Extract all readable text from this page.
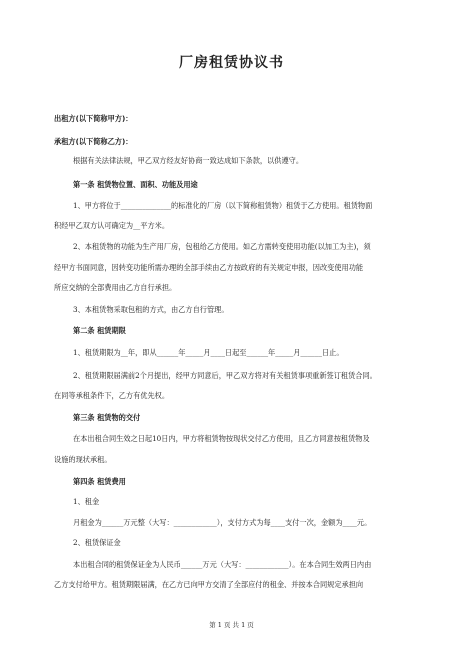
厂房租赁协议书
出租方(以下简称甲方)：
承租方(以下简称乙方)：
根据有关法律法规，甲乙双方经友好协商一致达成如下条款，以供遵守。
第一条 租赁物位置、面积、功能及用途
1、甲方将位于______________的标准化的厂房（以下简称租赁物）租赁于乙方使用。租赁物面
积经甲乙双方认可确定为__平方米。
2、本租赁物的功能为生产用厂房，包租给乙方使用。如乙方需转变使用功能(以加工为主)，须
经甲方书面同意，因转变功能所需办理的全部手续由乙方按政府的有关规定申报，因改变使用功能
所应交纳的全部费用由乙方自行承担。
3、本租赁物采取包租的方式，由乙方自行管理。
第二条 租赁期限
1、租赁期限为__年，即从______年_____月____日起至______年_____月______日止。
2、租赁期限届满前2个月提出，经甲方同意后，甲乙双方将对有关租赁事项重新签订租赁合同。
在同等承租条件下，乙方有优先权。
第三条 租赁物的交付
在本出租合同生效之日起10日内，甲方将租赁物按现状交付乙方使用，且乙方同意按租赁物及
设施的现状承租。
第四条 租赁费用
1、租金
月租金为______万元整（大写：____________），支付方式为每____支付一次，金额为____元。
2、租赁保证金
本出租合同的租赁保证金为人民币______万元（大写：____________）。在本合同生效两日内由
乙方支付给甲方。租赁期限届满，在乙方已向甲方交清了全部应付的租金、并按本合同规定承担向
第 1 页 共 1 页
